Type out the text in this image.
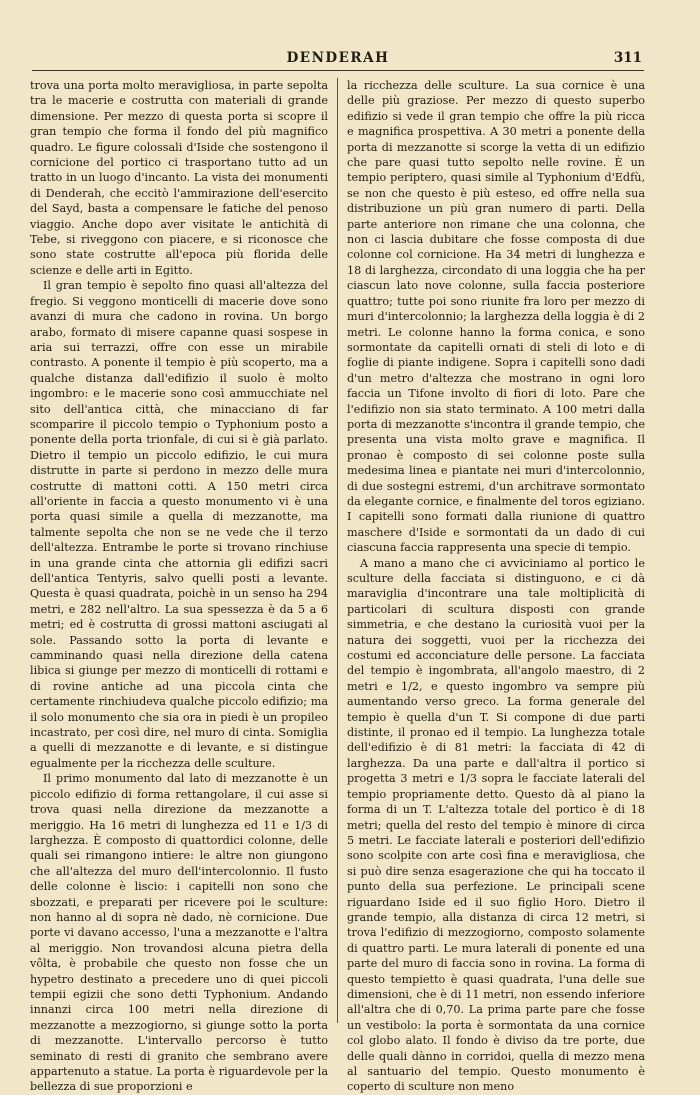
DENDERAH	311

trova una porta molto meravigliosa, in parte sepolta tra le macerie e costrutta con materiali di grande dimensione. Per mezzo di questa porta si scopre il gran tempio che forma il fondo del più magnifico quadro. Le figure colossali d'Iside che sostengono il cornicione del portico ci trasportano tutto ad un tratto in un luogo d'incanto. La vista dei monumenti di Denderah, che eccitò l'ammirazione dell'esercito del Sayd, basta a compensare le fatiche del penoso viaggio. Anche dopo aver visitate le antichità di Tebe, si riveggono con piacere, e si riconosce che sono state costrutte all'epoca più florida delle scienze e delle arti in Egitto.

Il gran tempio è sepolto fino quasi all'altezza del fregio. Si veggono monticelli di macerie dove sono avanzi di mura che cadono in rovina. Un borgo arabo, formato di misere capanne quasi sospese in aria sui terrazzi, offre con esse un mirabile contrasto. A ponente il tempio è più scoperto, ma a qualche distanza dall'edifizio il suolo è molto ingombro: e le macerie sono così ammucchiate nel sito dell'antica città, che minacciano di far scomparire il piccolo tempio o Typhonium posto a ponente della porta trionfale, di cui si è già parlato. Dietro il tempio un piccolo edifizio, le cui mura distrutte in parte si perdono in mezzo delle mura costrutte di mattoni cotti. A 150 metri circa all'oriente in faccia a questo monumento vi è una porta quasi simile a quella di mezzanotte, ma talmente sepolta che non se ne vede che il terzo dell'altezza. Entrambe le porte si trovano rinchiuse in una grande cinta che attornia gli edifizi sacri dell'antica Tentyris, salvo quelli posti a levante. Questa è quasi quadrata, poichè in un senso ha 294 metri, e 282 nell'altro. La sua spessezza è da 5 a 6 metri; ed è costrutta di grossi mattoni asciugati al sole. Passando sotto la porta di levante e camminando quasi nella direzione della catena libica si giunge per mezzo di monticelli di rottami e di rovine antiche ad una piccola cinta che certamente rinchiudeva qualche piccolo edifizio; ma il solo monumento che sia ora in piedi è un propileo incastrato, per così dire, nel muro di cinta. Somiglia a quelli di mezzanotte e di levante, e si distingue egualmente per la ricchezza delle sculture.

Il primo monumento dal lato di mezzanotte è un piccolo edifizio di forma rettangolare, il cui asse si trova quasi nella direzione da mezzanotte a meriggio. Ha 16 metri di lunghezza ed 11 e 1/3 di larghezza. È composto di quattordici colonne, delle quali sei rimangono intiere: le altre non giungono che all'altezza del muro dell'intercolonnio. Il fusto delle colonne è liscio: i capitelli non sono che sbozzati, e preparati per ricevere poi le sculture: non hanno al di sopra nè dado, nè cornicione. Due porte vi davano accesso, l'una a mezzanotte e l'altra al meriggio. Non trovandosi alcuna pietra della vôlta, è probabile che questo non fosse che un hypetro destinato a precedere uno di quei piccoli tempii egizii che sono detti Typhonium. Andando innanzi circa 100 metri nella direzione di mezzanotte a mezzogiorno, si giunge sotto la porta di mezzanotte. L'intervallo percorso è tutto seminato di resti di granito che sembrano avere appartenuto a statue. La porta è riguardevole per la bellezza di sue proporzioni e

la ricchezza delle sculture. La sua cornice è una delle più graziose. Per mezzo di questo superbo edifizio si vede il gran tempio che offre la più ricca e magnifica prospettiva. A 30 metri a ponente della porta di mezzanotte si scorge la vetta di un edifizio che pare quasi tutto sepolto nelle rovine. È un tempio periptero, quasi simile al Typhonium d'Edfù, se non che questo è più esteso, ed offre nella sua distribuzione un più gran numero di parti. Della parte anteriore non rimane che una colonna, che non ci lascia dubitare che fosse composta di due colonne col cornicione. Ha 34 metri di lunghezza e 18 di larghezza, circondato di una loggia che ha per ciascun lato nove colonne, sulla faccia posteriore quattro; tutte poi sono riunite fra loro per mezzo di muri d'intercolonnio; la larghezza della loggia è di 2 metri. Le colonne hanno la forma conica, e sono sormontate da capitelli ornati di steli di loto e di foglie di piante indigene. Sopra i capitelli sono dadi d'un metro d'altezza che mostrano in ogni loro faccia un Tifone involto di fiori di loto. Pare che l'edifizio non sia stato terminato. A 100 metri dalla porta di mezzanotte s'incontra il grande tempio, che presenta una vista molto grave e magnifica. Il pronao è composto di sei colonne poste sulla medesima linea e piantate nei muri d'intercolonnio, di due sostegni estremi, d'un architrave sormontato da elegante cornice, e finalmente del toros egiziano. I capitelli sono formati dalla riunione di quattro maschere d'Iside e sormontati da un dado di cui ciascuna faccia rappresenta una specie di tempio.

A mano a mano che ci avviciniamo al portico le sculture della facciata si distinguono, e ci dà maraviglia d'incontrare una tale moltiplicità di particolari di scultura disposti con grande simmetria, e che destano la curiosità vuoi per la natura dei soggetti, vuoi per la ricchezza dei costumi ed acconciature delle persone. La facciata del tempio è ingombrata, all'angolo maestro, di 2 metri e 1/2, e questo ingombro va sempre più aumentando verso greco. La forma generale del tempio è quella d'un T. Si compone di due parti distinte, il pronao ed il tempio. La lunghezza totale dell'edifizio è di 81 metri: la facciata di 42 di larghezza. Da una parte e dall'altra il portico si progetta 3 metri e 1/3 sopra le facciate laterali del tempio propriamente detto. Questo dà al piano la forma di un T. L'altezza totale del portico è di 18 metri; quella del resto del tempio è minore di circa 5 metri. Le facciate laterali e posteriori dell'edifizio sono scolpite con arte così fina e meravigliosa, che si può dire senza esagerazione che qui ha toccato il punto della sua perfezione. Le principali scene riguardano Iside ed il suo figlio Horo. Dietro il grande tempio, alla distanza di circa 12 metri, si trova l'edifizio di mezzogiorno, composto solamente di quattro parti. Le mura laterali di ponente ed una parte del muro di faccia sono in rovina. La forma di questo tempietto è quasi quadrata, l'una delle sue dimensioni, che è di 11 metri, non essendo inferiore all'altra che di 0,70. La prima parte pare che fosse un vestibolo: la porta è sormontata da una cornice col globo alato. Il fondo è diviso da tre porte, due delle quali dànno in corridoi, quella di mezzo mena al santuario del tempio. Questo monumento è coperto di sculture non meno
